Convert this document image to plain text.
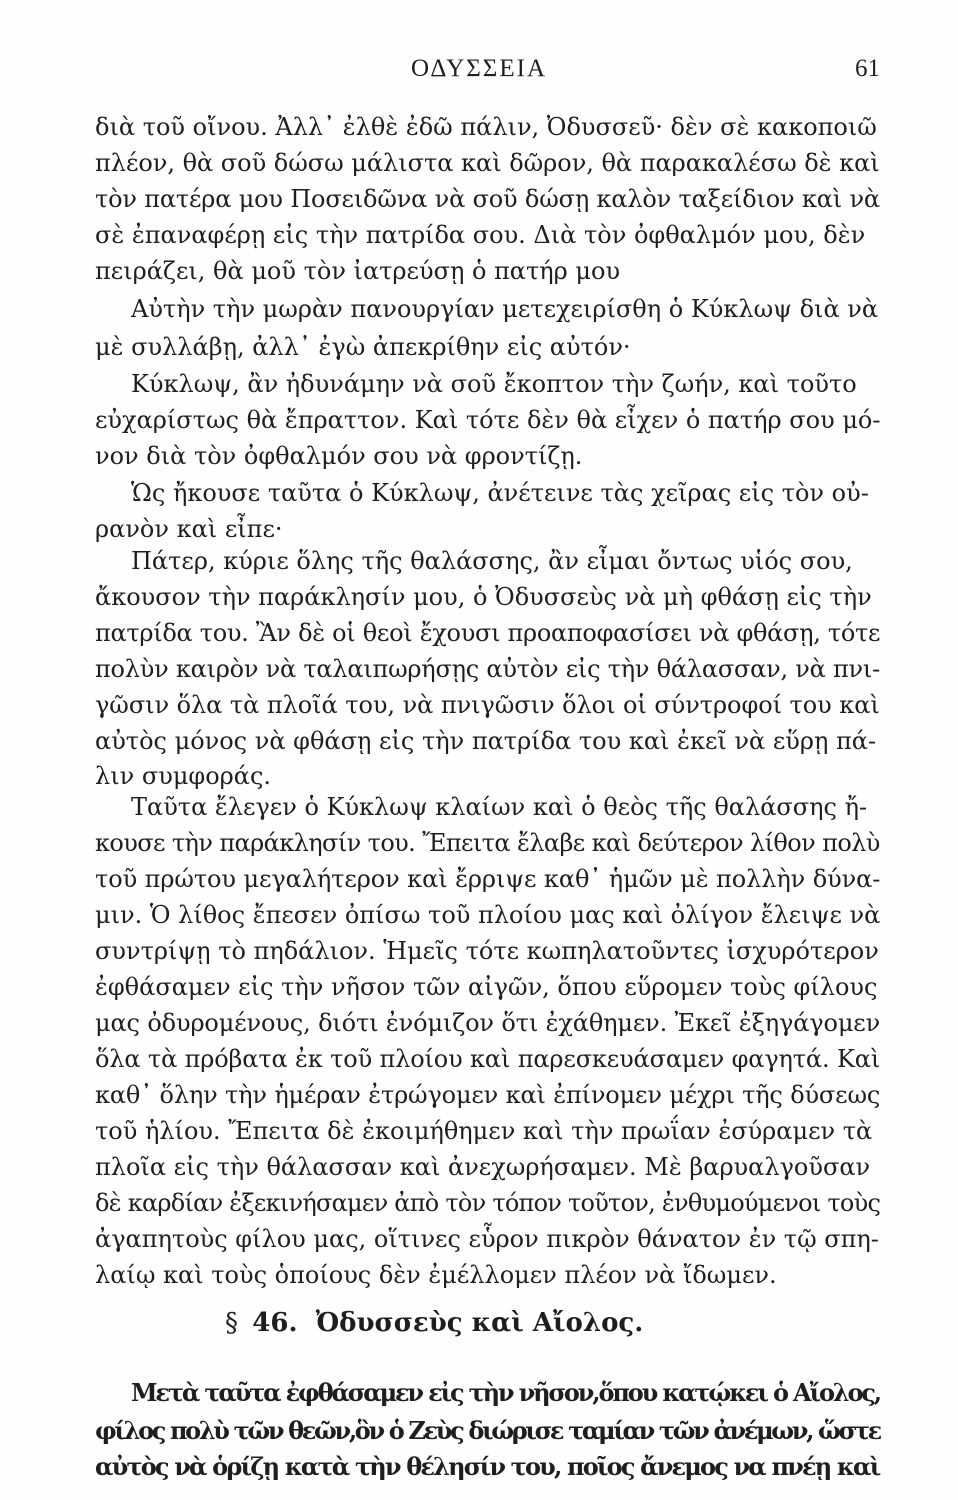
ΟΔΥΣΣΕΙΑ	61
διὰ τοῦ οἴνου. Ἀλλ᾽ ἐλθὲ ἐδῶ πάλιν, Ὀδυσσεῦ· δὲν σὲ κακοποιῶ
πλέον, θὰ σοῦ δώσω μάλιστα καὶ δῶρον, θὰ παρακαλέσω δὲ καὶ
τὸν πατέρα μου Ποσειδῶνα νὰ σοῦ δώσῃ καλὸν ταξείδιον καὶ νὰ
σὲ ἐπαναφέρῃ εἰς τὴν πατρίδα σου. Διὰ τὸν ὀφθαλμόν μου, δὲν
πειράζει, θὰ μοῦ τὸν ἰατρεύσῃ ὁ πατήρ μου
Αὐτὴν τὴν μωρὰν πανουργίαν μετεχειρίσθη ὁ Κύκλωψ διὰ νὰ
μὲ συλλάβῃ, ἀλλ᾽ ἐγὼ ἀπεκρίθην εἰς αὐτόν·
Κύκλωψ, ἂν ἠδυνάμην νὰ σοῦ ἔκοπτον τὴν ζωήν, καὶ τοῦτο
εὐχαρίστως θὰ ἔπραττον. Καὶ τότε δὲν θὰ εἶχεν ὁ πατήρ σου μό-
νον διὰ τὸν ὀφθαλμόν σου νὰ φροντίζῃ.
Ὡς ἤκουσε ταῦτα ὁ Κύκλωψ, ἀνέτεινε τὰς χεῖρας εἰς τὸν οὐ-
ρανὸν καὶ εἶπε·
Πάτερ, κύριε ὅλης τῆς θαλάσσης, ἂν εἶμαι ὄντως υἱός σου,
ἄκουσον τὴν παράκλησίν μου, ὁ Ὀδυσσεὺς νὰ μὴ φθάσῃ εἰς τὴν
πατρίδα του. Ἂν δὲ οἱ θεοὶ ἔχουσι προαποφασίσει νὰ φθάσῃ, τότε
πολὺν καιρὸν νὰ ταλαιπωρήσῃς αὐτὸν εἰς τὴν θάλασσαν, νὰ πνι-
γῶσιν ὅλα τὰ πλοῖά του, νὰ πνιγῶσιν ὅλοι οἱ σύντροφοί του καὶ
αὐτὸς μόνος νὰ φθάσῃ εἰς τὴν πατρίδα του καὶ ἐκεῖ νὰ εὕρῃ πά-
λιν συμφοράς.
Ταῦτα ἔλεγεν ὁ Κύκλωψ κλαίων καὶ ὁ θεὸς τῆς θαλάσσης ἤ-
κουσε τὴν παράκλησίν του. Ἔπειτα ἔλαβε καὶ δεύτερον λίθον πολὺ
τοῦ πρώτου μεγαλήτερον καὶ ἔρριψε καθ᾽ ἡμῶν μὲ πολλὴν δύνα-
μιν. Ὁ λίθος ἔπεσεν ὀπίσω τοῦ πλοίου μας καὶ ὀλίγον ἔλειψε νὰ
συντρίψῃ τὸ πηδάλιον. Ἡμεῖς τότε κωπηλατοῦντες ἰσχυρότερον
ἐφθάσαμεν εἰς τὴν νῆσον τῶν αἰγῶν, ὅπου εὕρομεν τοὺς φίλους
μας ὀδυρομένους, διότι ἐνόμιζον ὅτι ἐχάθημεν. Ἐκεῖ ἐξηγάγομεν
ὅλα τὰ πρόβατα ἐκ τοῦ πλοίου καὶ παρεσκευάσαμεν φαγητά. Καὶ
καθ᾽ ὅλην τὴν ἡμέραν ἐτρώγομεν καὶ ἐπίνομεν μέχρι τῆς δύσεως
τοῦ ἡλίου. Ἔπειτα δὲ ἐκοιμήθημεν καὶ τὴν πρωΐαν ἐσύραμεν τὰ
πλοῖα εἰς τὴν θάλασσαν καὶ ἀνεχωρήσαμεν. Μὲ βαρυαλγοῦσαν
δὲ καρδίαν ἐξεκινήσαμεν ἀπὸ τὸν τόπον τοῦτον, ἐνθυμούμενοι τοὺς
ἀγαπητοὺς φίλου μας, οἵτινες εὗρον πικρὸν θάνατον ἐν τῷ σπη-
λαίῳ καὶ τοὺς ὁποίους δὲν ἐμέλλομεν πλέον νὰ ἴδωμεν.
§ 46. Ὀδυσσεὺς καὶ Αἴολος.
Μετὰ ταῦτα ἐφθάσαμεν εἰς τὴν νῆσον,ὅπου κατῴκει ὁ Αἴολος,
φίλος πολὺ τῶν θεῶν,ὃν ὁ Ζεὺς διώρισε ταμίαν τῶν ἀνέμων, ὥστε
αὐτὸς νὰ ὁρίζῃ κατὰ τὴν θέλησίν του, ποῖος ἄνεμος να πνέῃ καὶ
